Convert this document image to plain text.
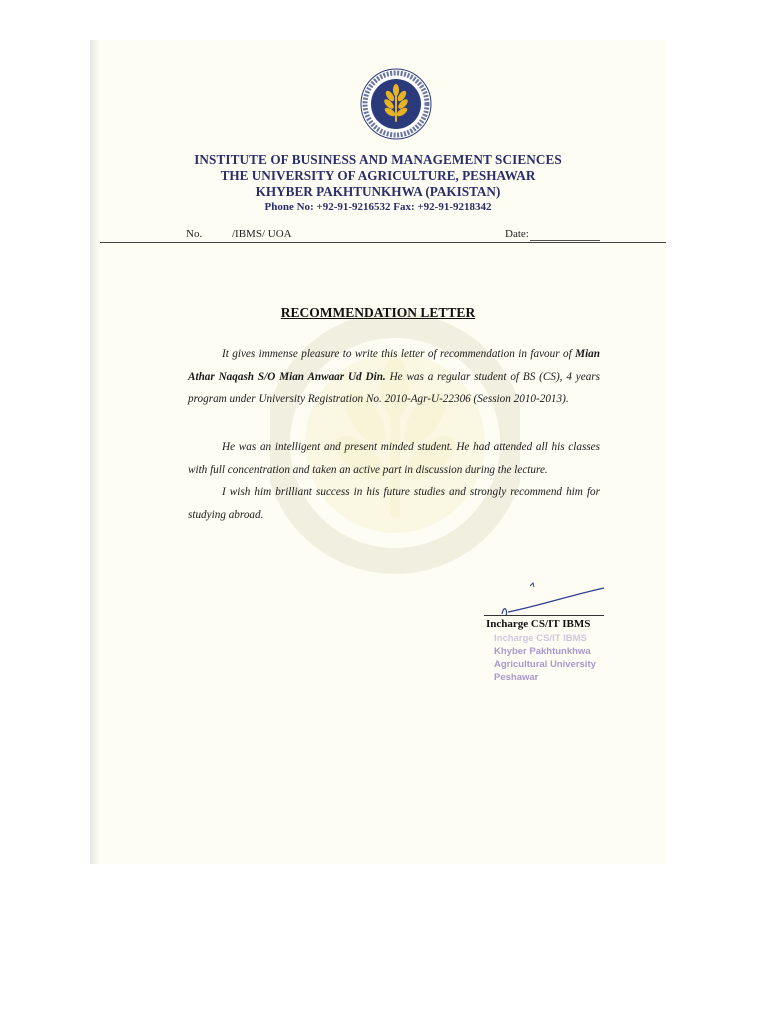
INSTITUTE OF BUSINESS AND MANAGEMENT SCIENCES
THE UNIVERSITY OF AGRICULTURE, PESHAWAR
KHYBER PAKHTUNKHWA (PAKISTAN)
Phone No: +92-91-9216532 Fax: +92-91-9218342
No.	/IBMS/ UOA	Date:
RECOMMENDATION LETTER
It gives immense pleasure to write this letter of recommendation in favour of Mian Athar Naqash S/O Mian Anwaar Ud Din. He was a regular student of BS (CS), 4 years program under University Registration No. 2010-Agr-U-22306 (Session 2010-2013).
He was an intelligent and present minded student. He had attended all his classes with full concentration and taken an active part in discussion during the lecture.
I wish him brilliant success in his future studies and strongly recommend him for studying abroad.
Incharge CS/IT IBMS
Incharge CS/IT IBMS
Khyber Pakhtunkhwa
Agricultural University
Peshawar
